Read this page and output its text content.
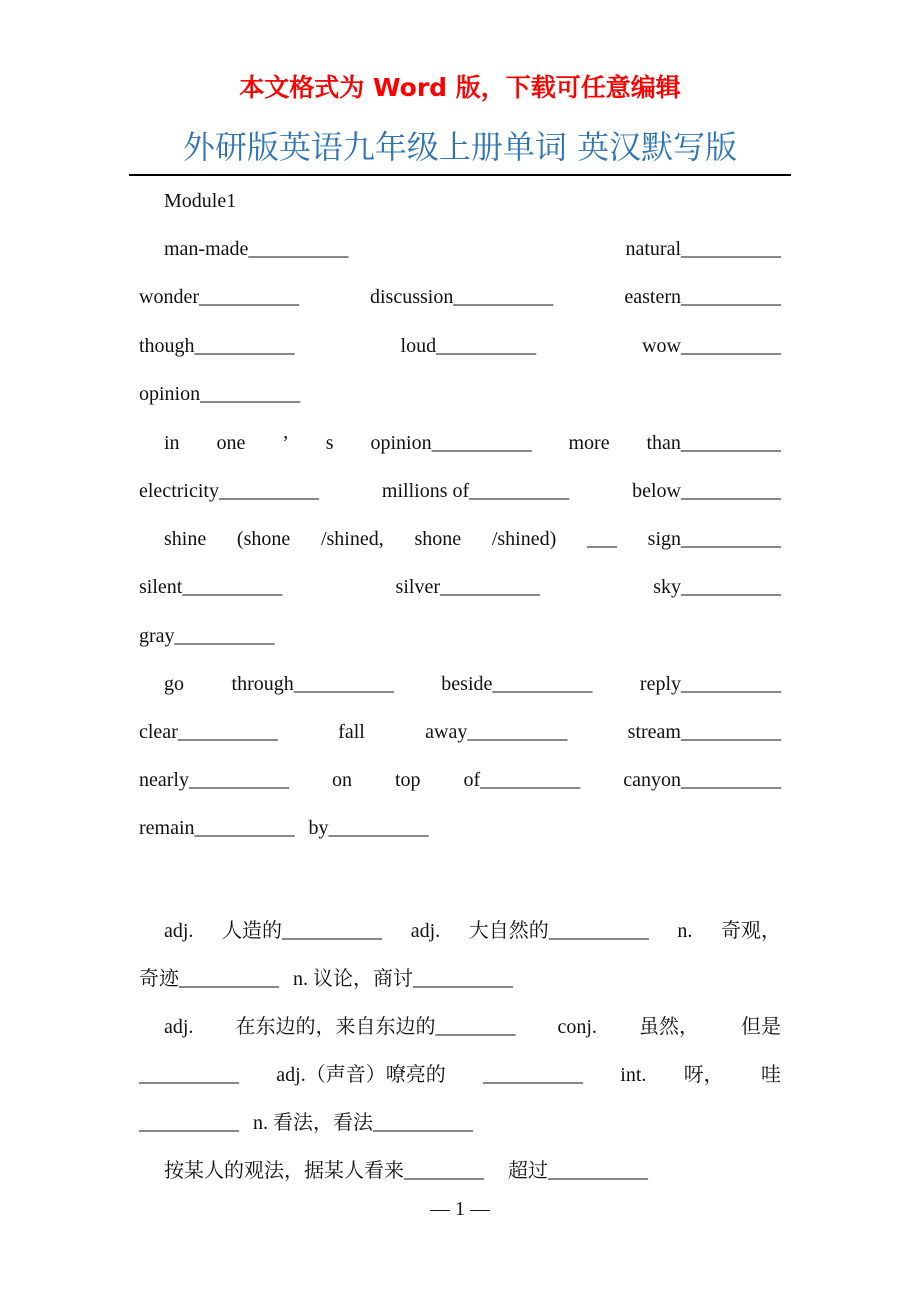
本文格式为 Word 版，下载可任意编辑
外研版英语九年级上册单词 英汉默写版
Module1
man-made__________	natural__________
wonder__________	discussion__________	eastern__________
though__________	loud__________	wow__________
opinion__________
in one ’ s opinion__________ more than__________
electricity__________	millions of__________	below__________
shine (shone /shined, shone /shined) ___ sign__________
silent__________	silver__________	sky__________
gray__________
go through__________ beside__________ reply__________
clear__________	fall	away__________	stream__________
nearly__________ on top of__________ canyon__________
remain__________ by__________
adj. 人造的__________ adj. 大自然的__________ n. 奇观，
奇迹__________ n. 议论，商讨__________
adj. 在东边的，来自东边的________ conj. 虽然， 但是
__________ adj.（声音）嘹亮的 __________ int. 呀， 哇
__________ n. 看法，看法__________
按某人的观法，据某人看来________ 超过__________
— 1 —
